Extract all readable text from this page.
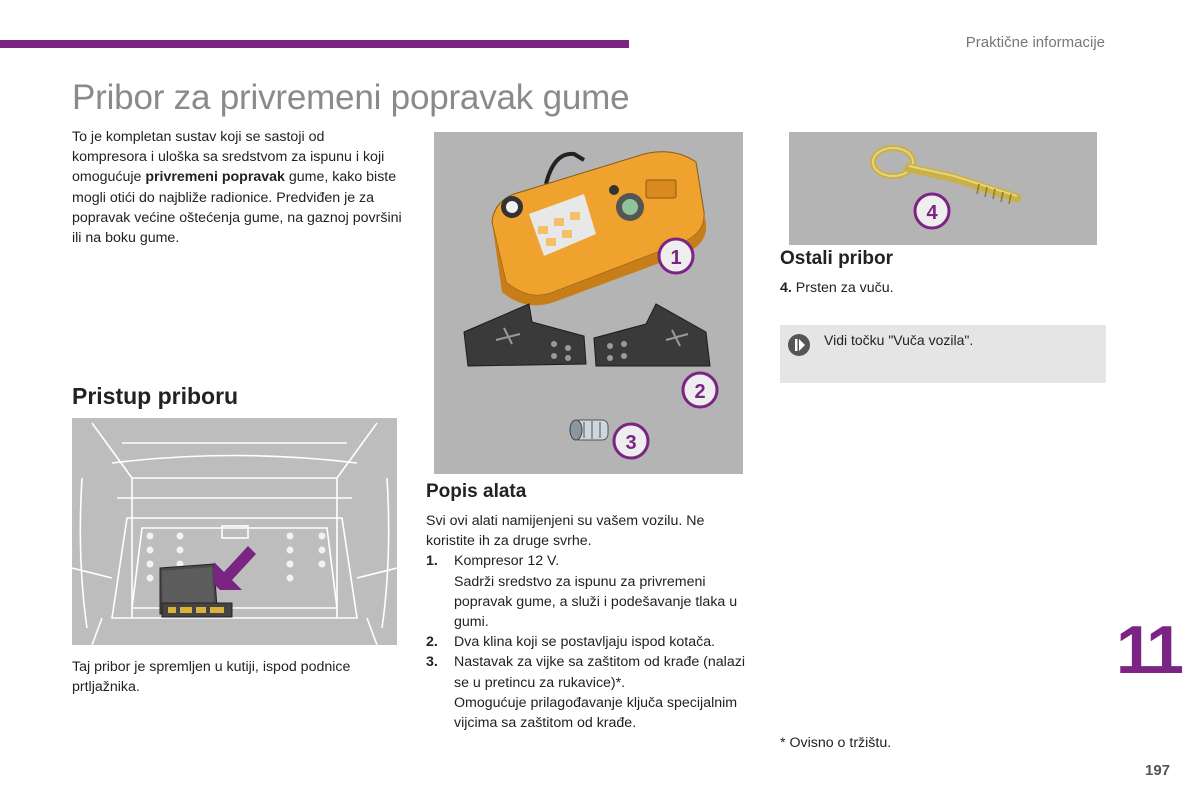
Praktične informacije
Pribor za privremeni popravak gume
To je kompletan sustav koji se sastoji od kompresora i uloška sa sredstvom za ispunu i koji omogućuje privremeni popravak gume, kako biste mogli otići do najbliže radionice. Predviđen je za popravak većine oštećenja gume, na gaznoj površini ili na boku gume.
Pristup priboru
Taj pribor je spremljen u kutiji, ispod podnice prtljažnika.
1
2
3
Popis alata
Svi ovi alati namijenjeni su vašem vozilu. Ne koristite ih za druge svrhe.
1. Kompresor 12 V.
Sadrži sredstvo za ispunu za privremeni popravak gume, a služi i podešavanje tlaka u gumi.
2. Dva klina koji se postavljaju ispod kotača.
3. Nastavak za vijke sa zaštitom od krađe (nalazi se u pretincu za rukavice)*.
Omogućuje prilagođavanje ključa specijalnim vijcima sa zaštitom od krađe.
4
Ostali pribor
4. Prsten za vuču.
Vidi točku "Vuča vozila".
* Ovisno o tržištu.
11
197
